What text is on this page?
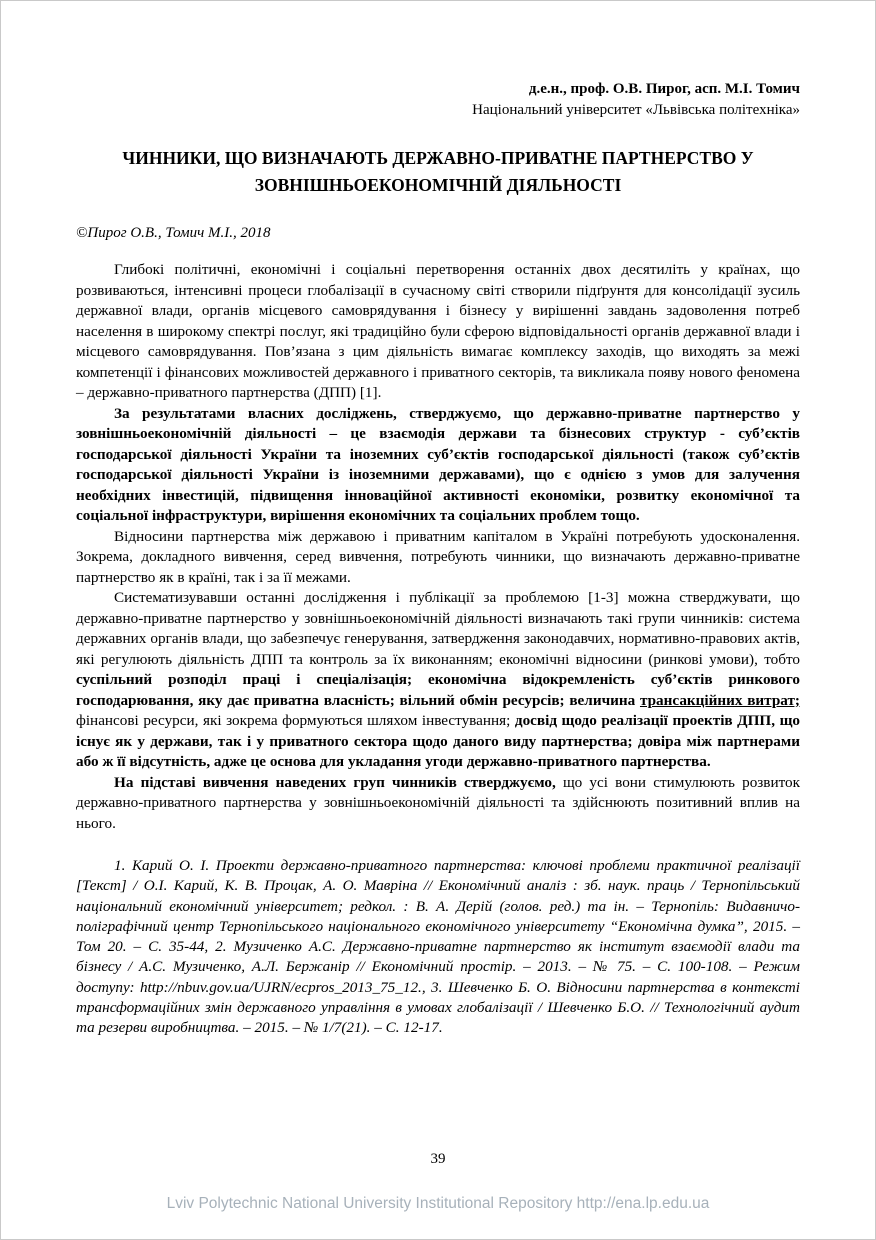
д.е.н., проф. О.В. Пирог, асп. М.І. Томич
Національний університет «Львівська політехніка»
ЧИННИКИ, ЩО ВИЗНАЧАЮТЬ ДЕРЖАВНО-ПРИВАТНЕ ПАРТНЕРСТВО У ЗОВНІШНЬОЕКОНОМІЧНІЙ ДІЯЛЬНОСТІ
©Пирог О.В., Томич М.І., 2018

Глибокі політичні, економічні і соціальні перетворення останніх двох десятиліть у країнах, що розвиваються, інтенсивні процеси глобалізації в сучасному світі створили підґрунтя для консолідації зусиль державної влади, органів місцевого самоврядування і бізнесу у вирішенні завдань задоволення потреб населення в широкому спектрі послуг, які традиційно були сферою відповідальності органів державної влади і місцевого самоврядування. Пов’язана з цим діяльність вимагає комплексу заходів, що виходять за межі компетенції і фінансових можливостей державного і приватного секторів, та викликала появу нового феномена – державно-приватного партнерства (ДПП) [1].

За результатами власних досліджень, стверджуємо, що державно-приватне партнерство у зовнішньоекономічній діяльності – це взаємодія держави та бізнесових структур - суб’єктів господарської діяльності України та іноземних суб’єктів господарської діяльності (також суб’єктів господарської діяльності України із іноземними державами), що є однією з умов для залучення необхідних інвестицій, підвищення інноваційної активності економіки, розвитку економічної та соціальної інфраструктури, вирішення економічних та соціальних проблем тощо.

Відносини партнерства між державою і приватним капіталом в Україні потребують удосконалення. Зокрема, докладного вивчення, серед вивчення, потребують чинники, що визначають державно-приватне партнерство як в країні, так і за її межами.

Систематизувавши останні дослідження і публікації за проблемою [1-3] можна стверджувати, що державно-приватне партнерство у зовнішньоекономічній діяльності визначають такі групи чинників: система державних органів влади, що забезпечує генерування, затвердження законодавчих, нормативно-правових актів, які регулюють діяльність ДПП та контроль за їх виконанням; економічні відносини (ринкові умови), тобто суспільний розподіл праці і спеціалізація; економічна відокремленість суб’єктів ринкового господарювання, яку дає приватна власність; вільний обмін ресурсів; величина трансакційних витрат; фінансові ресурси, які зокрема формуються шляхом інвестування; досвід щодо реалізації проектів ДПП, що існує як у держави, так і у приватного сектора щодо даного виду партнерства; довіра між партнерами або ж її відсутність, адже це основа для укладання угоди державно-приватного партнерства.

На підставі вивчення наведених груп чинників стверджуємо, що усі вони стимулюють розвиток державно-приватного партнерства у зовнішньоекономічній діяльності та здійснюють позитивний вплив на нього.

1. Карий О. І. Проекти державно-приватного партнерства: ключові проблеми практичної реалізації [Текст] / О.І. Карий, К. В. Процак, А. О. Мавріна // Економічний аналіз : зб. наук. праць / Тернопільський національний економічний університет; редкол. : В. А. Дерій (голов. ред.) та ін. – Тернопіль: Видавничо-поліграфічний центр Тернопільського національного економічного університету “Економічна думка”, 2015. – Том 20. – С. 35-44, 2. Музиченко А.С. Державно-приватне партнерство як інститут взаємодії влади та бізнесу / А.С. Музиченко, А.Л. Бержанір // Економічний простір. – 2013. – № 75. – С. 100-108. – Режим доступу: http://nbuv.gov.ua/UJRN/ecpros_2013_75_12., 3. Шевченко Б. О. Відносини партнерства в контексті трансформаційних змін державного управління в умовах глобалізації / Шевченко Б.О. // Технологічний аудит та резерви виробництва. – 2015. – № 1/7(21). – С. 12-17.

39
Lviv Polytechnic National University Institutional Repository http://ena.lp.edu.ua
